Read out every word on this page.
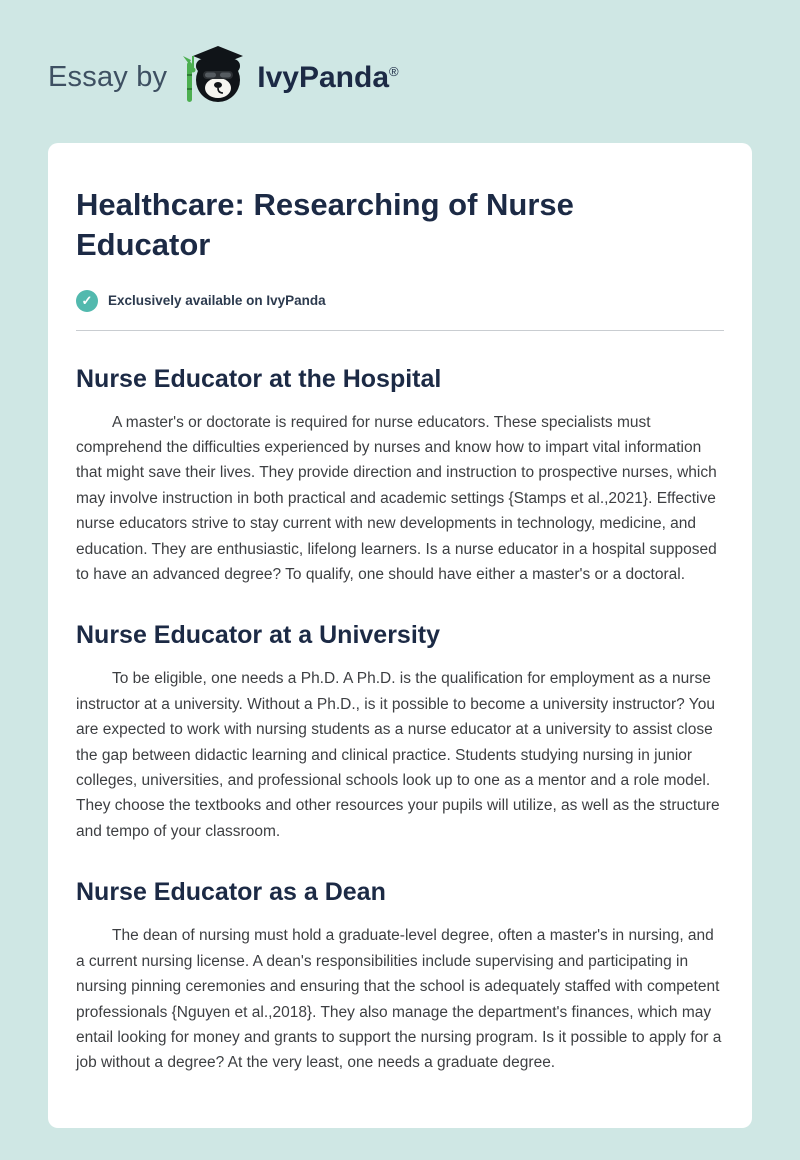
Essay by	IvyPanda®
Healthcare: Researching of Nurse Educator
✓	Exclusively available on IvyPanda
Nurse Educator at the Hospital

A master's or doctorate is required for nurse educators. These specialists must comprehend the difficulties experienced by nurses and know how to impart vital information that might save their lives. They provide direction and instruction to prospective nurses, which may involve instruction in both practical and academic settings {Stamps et al.,2021}. Effective nurse educators strive to stay current with new developments in technology, medicine, and education. They are enthusiastic, lifelong learners. Is a nurse educator in a hospital supposed to have an advanced degree? To qualify, one should have either a master's or a doctoral.

Nurse Educator at a University

To be eligible, one needs a Ph.D. A Ph.D. is the qualification for employment as a nurse instructor at a university. Without a Ph.D., is it possible to become a university instructor? You are expected to work with nursing students as a nurse educator at a university to assist close the gap between didactic learning and clinical practice. Students studying nursing in junior colleges, universities, and professional schools look up to one as a mentor and a role model. They choose the textbooks and other resources your pupils will utilize, as well as the structure and tempo of your classroom.

Nurse Educator as a Dean

The dean of nursing must hold a graduate-level degree, often a master's in nursing, and a current nursing license. A dean's responsibilities include supervising and participating in nursing pinning ceremonies and ensuring that the school is adequately staffed with competent professionals {Nguyen et al.,2018}. They also manage the department's finances, which may entail looking for money and grants to support the nursing program. Is it possible to apply for a job without a degree? At the very least, one needs a graduate degree.
